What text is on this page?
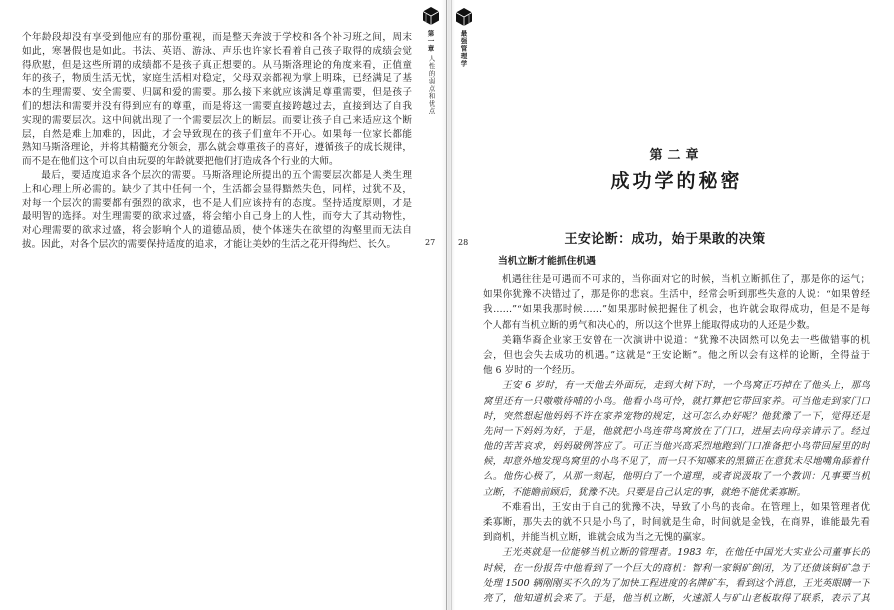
个年龄段却没有享受到他应有的那份重视，而是整天奔波于学校和各个补习班之间，周末
如此，寒暑假也是如此。书法、英语、游泳、声乐也许家长看着自己孩子取得的成绩会觉
得欣慰，但是这些所谓的成绩都不是孩子真正想要的。从马斯洛理论的角度来看，正值童
年的孩子，物质生活无忧，家庭生活相对稳定，父母双亲都视为掌上明珠，已经满足了基
本的生理需要、安全需要、归属和爱的需要。那么接下来就应该满足尊重需要，但是孩子
们的想法和需要并没有得到应有的尊重，而是将这一需要直接跨越过去，直接到达了自我
实现的需要层次。这中间就出现了一个需要层次上的断层。而要让孩子自己来适应这个断
层，自然是难上加难的，因此，才会导致现在的孩子们童年不开心。如果每一位家长都能
熟知马斯洛理论，并将其精髓充分领会，那么就会尊重孩子的喜好，遵循孩子的成长规律，
而不是在他们这个可以自由玩耍的年龄就要把他们打造成各个行业的大师。
最后，要适度追求各个层次的需要。马斯洛理论所提出的五个需要层次都是人类生理
上和心理上所必需的。缺少了其中任何一个，生活都会显得黯然失色，同样，过犹不及，
对每一个层次的需要都有强烈的欲求，也不是人们应该持有的态度。坚持适度原则，才是
最明智的选择。对生理需要的欲求过盛，将会缩小自己身上的人性，而夸大了其动物性，
对心理需要的欲求过盛，将会影响个人的道德品质，使个体迷失在欲望的沟壑里而无法自
拔。因此，对各个层次的需要保持适度的追求，才能让美妙的生活之花开得绚烂、长久。
第一章
人性的弱点和优点
27
最强管理学
28
第二章
成功学的秘密
王安论断：成功，始于果敢的决策
当机立断才能抓住机遇
机遇往往是可遇而不可求的，当你面对它的时候，当机立断抓住了，那是你的运气；
如果你犹豫不决错过了，那是你的悲哀。生活中，经常会听到那些失意的人说：“如果曾经
我……”“如果我那时候……”如果那时候把握住了机会，也许就会取得成功，但是不是每
个人都有当机立断的勇气和决心的，所以这个世界上能取得成功的人还是少数。
美籍华裔企业家王安曾在一次演讲中说道：“犹豫不决固然可以免去一些做错事的机
会，但也会失去成功的机遇。”这就是“王安论断”。他之所以会有这样的论断，全得益于
他 6 岁时的一个经历。
王安 6 岁时，有一天他去外面玩，走到大树下时，一个鸟窝正巧掉在了他头上，那鸟
窝里还有一只嗷嗷待哺的小鸟。他看小鸟可怜，就打算把它带回家养。可当他走到家门口
时，突然想起他妈妈不许在家养宠物的规定，这可怎么办好呢？他犹豫了一下，觉得还是
先问一下妈妈为好，于是，他就把小鸟连带鸟窝放在了门口，进屋去向母亲请示了。经过
他的苦苦哀求，妈妈破例答应了。可正当他兴高采烈地跑到门口准备把小鸟带回屋里的时
候，却意外地发现鸟窝里的小鸟不见了，而一只不知哪来的黑猫正在意犹未尽地嘴角舔着什
么。他伤心极了，从那一刻起，他明白了一个道理，或者说汲取了一个教训：凡事要当机
立断，不能瞻前顾后，犹豫不决。只要是自己认定的事，就绝不能优柔寡断。
不难看出，王安由于自己的犹豫不决，导致了小鸟的丧命。在管理上，如果管理者优
柔寡断，那失去的就不只是小鸟了，时间就是生命，时间就是金钱，在商界，谁能最先看
到商机，并能当机立断，谁就会成为当之无愧的赢家。
王光英就是一位能够当机立断的管理者。1983 年，在他任中国光大实业公司董事长的
时候，在一份报告中他看到了一个巨大的商机：智利一家铜矿倒闭，为了还债该铜矿急于
处理 1500 辆刚刚买不久的为了加快工程进度的名牌矿车，看到这个消息，王光英眼睛一下
亮了，他知道机会来了。于是，他当机立断，火速派人与矿山老板取得了联系，表示了其
